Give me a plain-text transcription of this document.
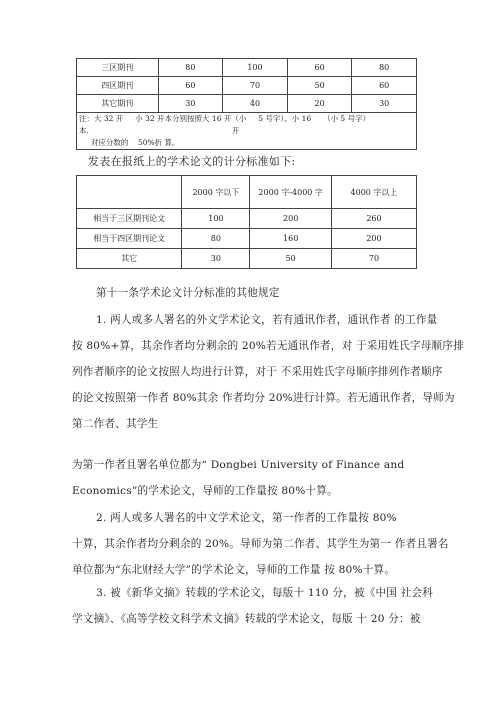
三区期刊	80	100	60	80
四区期刊	60	70	50	60
其它期刊	30	40	20	30

注：大 32 开     小 32 开本分别按照大 16 开（小     5 号字）、小 16     （小 5 号字）
本.                                                            开
对应分数的    50%折 算。				
发表在报纸上的学术论文的计分标准如下:
	2000 字以下	2000 字-4000 字	4000 字以上
相当于三区期刊论文	100	200	260
相当于四区期刊论文	80	160	200
其它	30	50	70
第十一条学术论文计分标准的其他规定
1. 两人或多人署名的外文学术论文，若有通讯作者，通讯作者 的工作量
按 80%+算，其余作者均分剩余的 20%若无通讯作者，对 于采用姓氏字母顺序排
列作者顺序的论文按照人均进行计算，对于 不采用姓氏字母顺序排列作者顺序
的论文按照第一作者 80%其余 作者均分 20%进行计算。若无通讯作者，导师为
第二作者、其学生
为第一作者且署名单位都为“ Dongbei University of Finance and
Economics”的学术论文，导师的工作量按 80%十算。
2. 两人或多人署名的中文学术论文，第一作者的工作量按 80%
十算，其余作者均分剩余的 20%。导师为第二作者、其学生为第一 作者且署名
单位都为“东北财经大学”的学术论文，导师的工作量 按 80%十算。
3. 被《新华文摘》转载的学术论文，每版十 110 分，被《中国 社会科
学文摘》、《高等学校文科学术文摘》转载的学术论文，每版 十 20 分：被
